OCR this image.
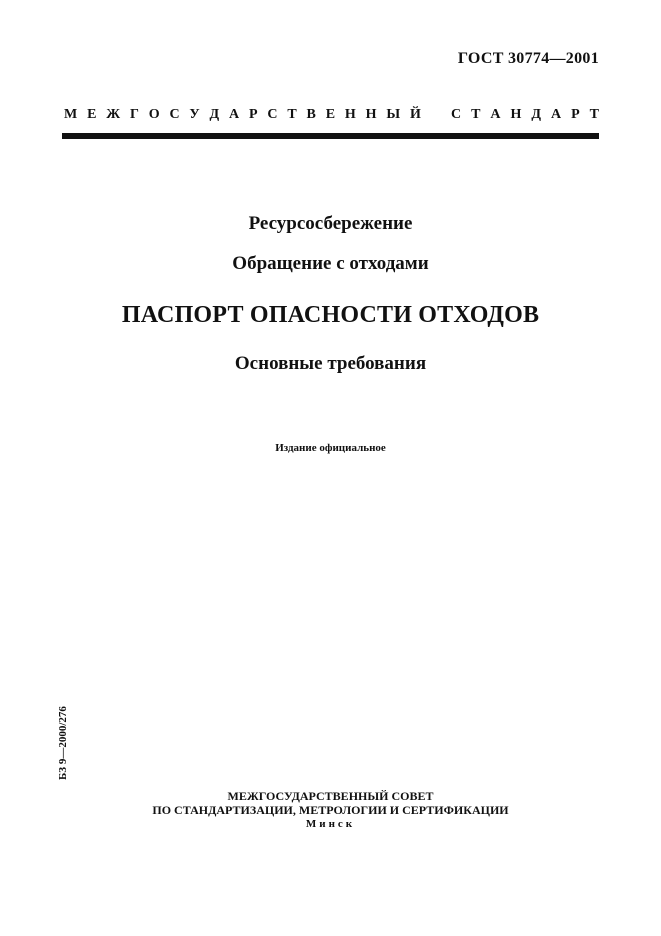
ГОСТ 30774—2001
М Е Ж Г О С У Д А Р С Т В Е Н Н Ы Й С Т А Н Д А Р Т
Ресурсосбережение
Обращение с отходами
ПАСПОРТ ОПАСНОСТИ ОТХОДОВ
Основные требования
Издание официальное
БЗ 9—2000/276
МЕЖГОСУДАРСТВЕННЫЙ СОВЕТ
ПО СТАНДАРТИЗАЦИИ, МЕТРОЛОГИИ И СЕРТИФИКАЦИИ
Минск
